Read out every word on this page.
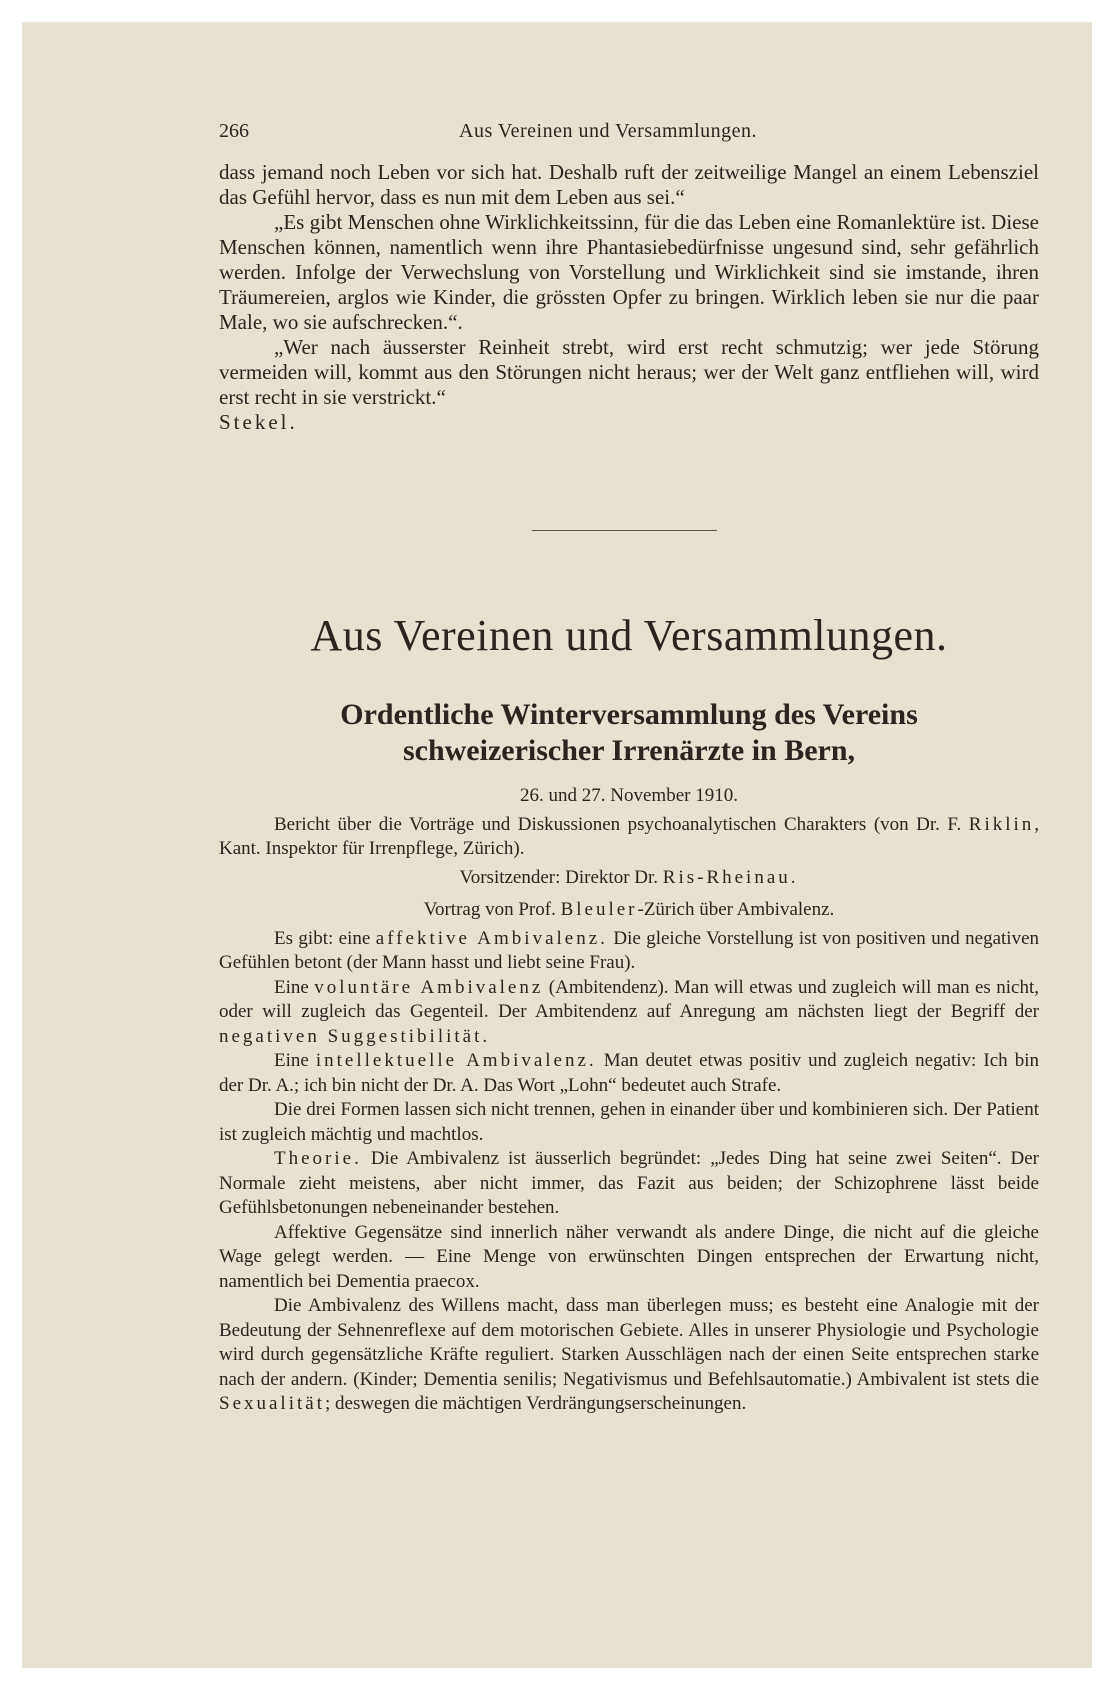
266	Aus Vereinen und Versammlungen.

dass jemand noch Leben vor sich hat. Deshalb ruft der zeitweilige Mangel an einem Lebensziel das Gefühl hervor, dass es nun mit dem Leben aus sei.“

„Es gibt Menschen ohne Wirklichkeitssinn, für die das Leben eine Romanlektüre ist. Diese Menschen können, namentlich wenn ihre Phantasiebedürfnisse ungesund sind, sehr gefährlich werden. Infolge der Verwechslung von Vorstellung und Wirklichkeit sind sie imstande, ihren Träumereien, arglos wie Kinder, die grössten Opfer zu bringen. Wirklich leben sie nur die paar Male, wo sie aufschrecken.“.

„Wer nach äusserster Reinheit strebt, wird erst recht schmutzig; wer jede Störung vermeiden will, kommt aus den Störungen nicht heraus; wer der Welt ganz entfliehen will, wird erst recht in sie verstrickt.“

Stekel.

Aus Vereinen und Versammlungen.
Ordentliche Winterversammlung des Vereins
schweizerischer Irrenärzte in Bern,

26. und 27. November 1910.

Bericht über die Vorträge und Diskussionen psychoanalytischen Charakters (von Dr. F. Riklin, Kant. Inspektor für Irrenpflege, Zürich).

Vorsitzender: Direktor Dr. Ris-Rheinau.

Vortrag von Prof. Bleuler-Zürich über Ambivalenz.

Es gibt: eine affektive Ambivalenz. Die gleiche Vorstellung ist von positiven und negativen Gefühlen betont (der Mann hasst und liebt seine Frau).

Eine voluntäre Ambivalenz (Ambitendenz). Man will etwas und zugleich will man es nicht, oder will zugleich das Gegenteil. Der Ambitendenz auf Anregung am nächsten liegt der Begriff der negativen Suggestibilität.

Eine intellektuelle Ambivalenz. Man deutet etwas positiv und zugleich negativ: Ich bin der Dr. A.; ich bin nicht der Dr. A. Das Wort „Lohn“ bedeutet auch Strafe.

Die drei Formen lassen sich nicht trennen, gehen in einander über und kombinieren sich. Der Patient ist zugleich mächtig und machtlos.

Theorie. Die Ambivalenz ist äusserlich begründet: „Jedes Ding hat seine zwei Seiten“. Der Normale zieht meistens, aber nicht immer, das Fazit aus beiden; der Schizophrene lässt beide Gefühlsbetonungen nebeneinander bestehen.

Affektive Gegensätze sind innerlich näher verwandt als andere Dinge, die nicht auf die gleiche Wage gelegt werden. — Eine Menge von erwünschten Dingen entsprechen der Erwartung nicht, namentlich bei Dementia praecox.

Die Ambivalenz des Willens macht, dass man überlegen muss; es besteht eine Analogie mit der Bedeutung der Sehnenreflexe auf dem motorischen Gebiete. Alles in unserer Physiologie und Psychologie wird durch gegensätzliche Kräfte reguliert. Starken Ausschlägen nach der einen Seite entsprechen starke nach der andern. (Kinder; Dementia senilis; Negativismus und Befehlsautomatie.) Ambivalent ist stets die Sexualität; deswegen die mächtigen Verdrängungserscheinungen.
